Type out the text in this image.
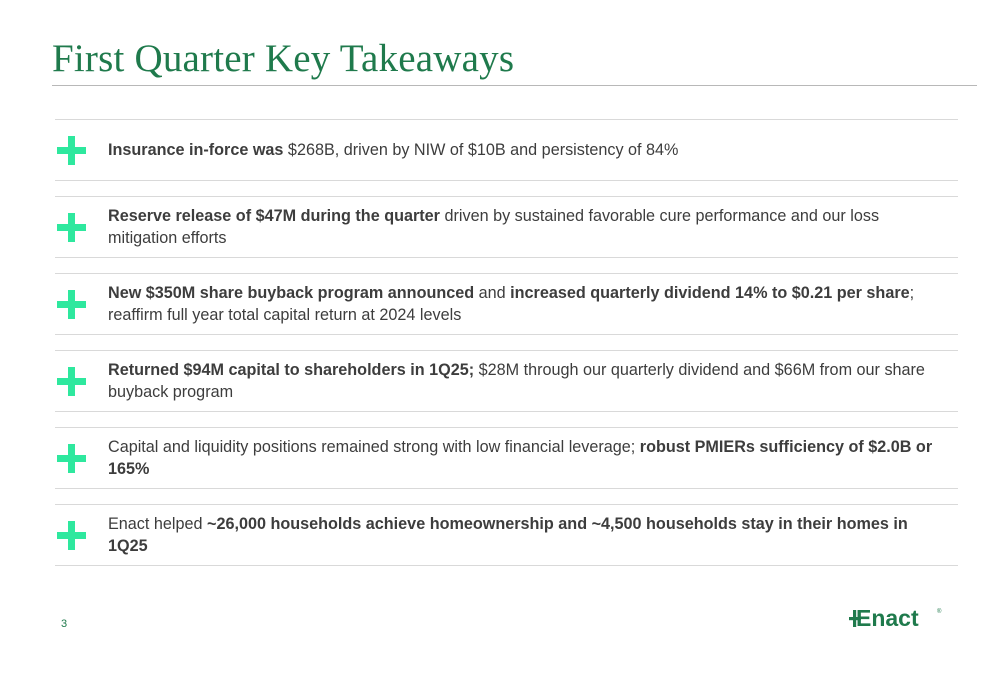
First Quarter Key Takeaways
Insurance in-force was $268B, driven by NIW of $10B and persistency of 84%
Reserve release of $47M during the quarter driven by sustained favorable cure performance and our loss mitigation efforts
New $350M share buyback program announced and increased quarterly dividend 14% to $0.21 per share; reaffirm full year total capital return at 2024 levels
Returned $94M capital to shareholders in 1Q25; $28M through our quarterly dividend and $66M from our share buyback program
Capital and liquidity positions remained strong with low financial leverage; robust PMIERs sufficiency of $2.0B or 165%
Enact helped ~26,000 households achieve homeownership and ~4,500 households stay in their homes in 1Q25
3	Enact	®
